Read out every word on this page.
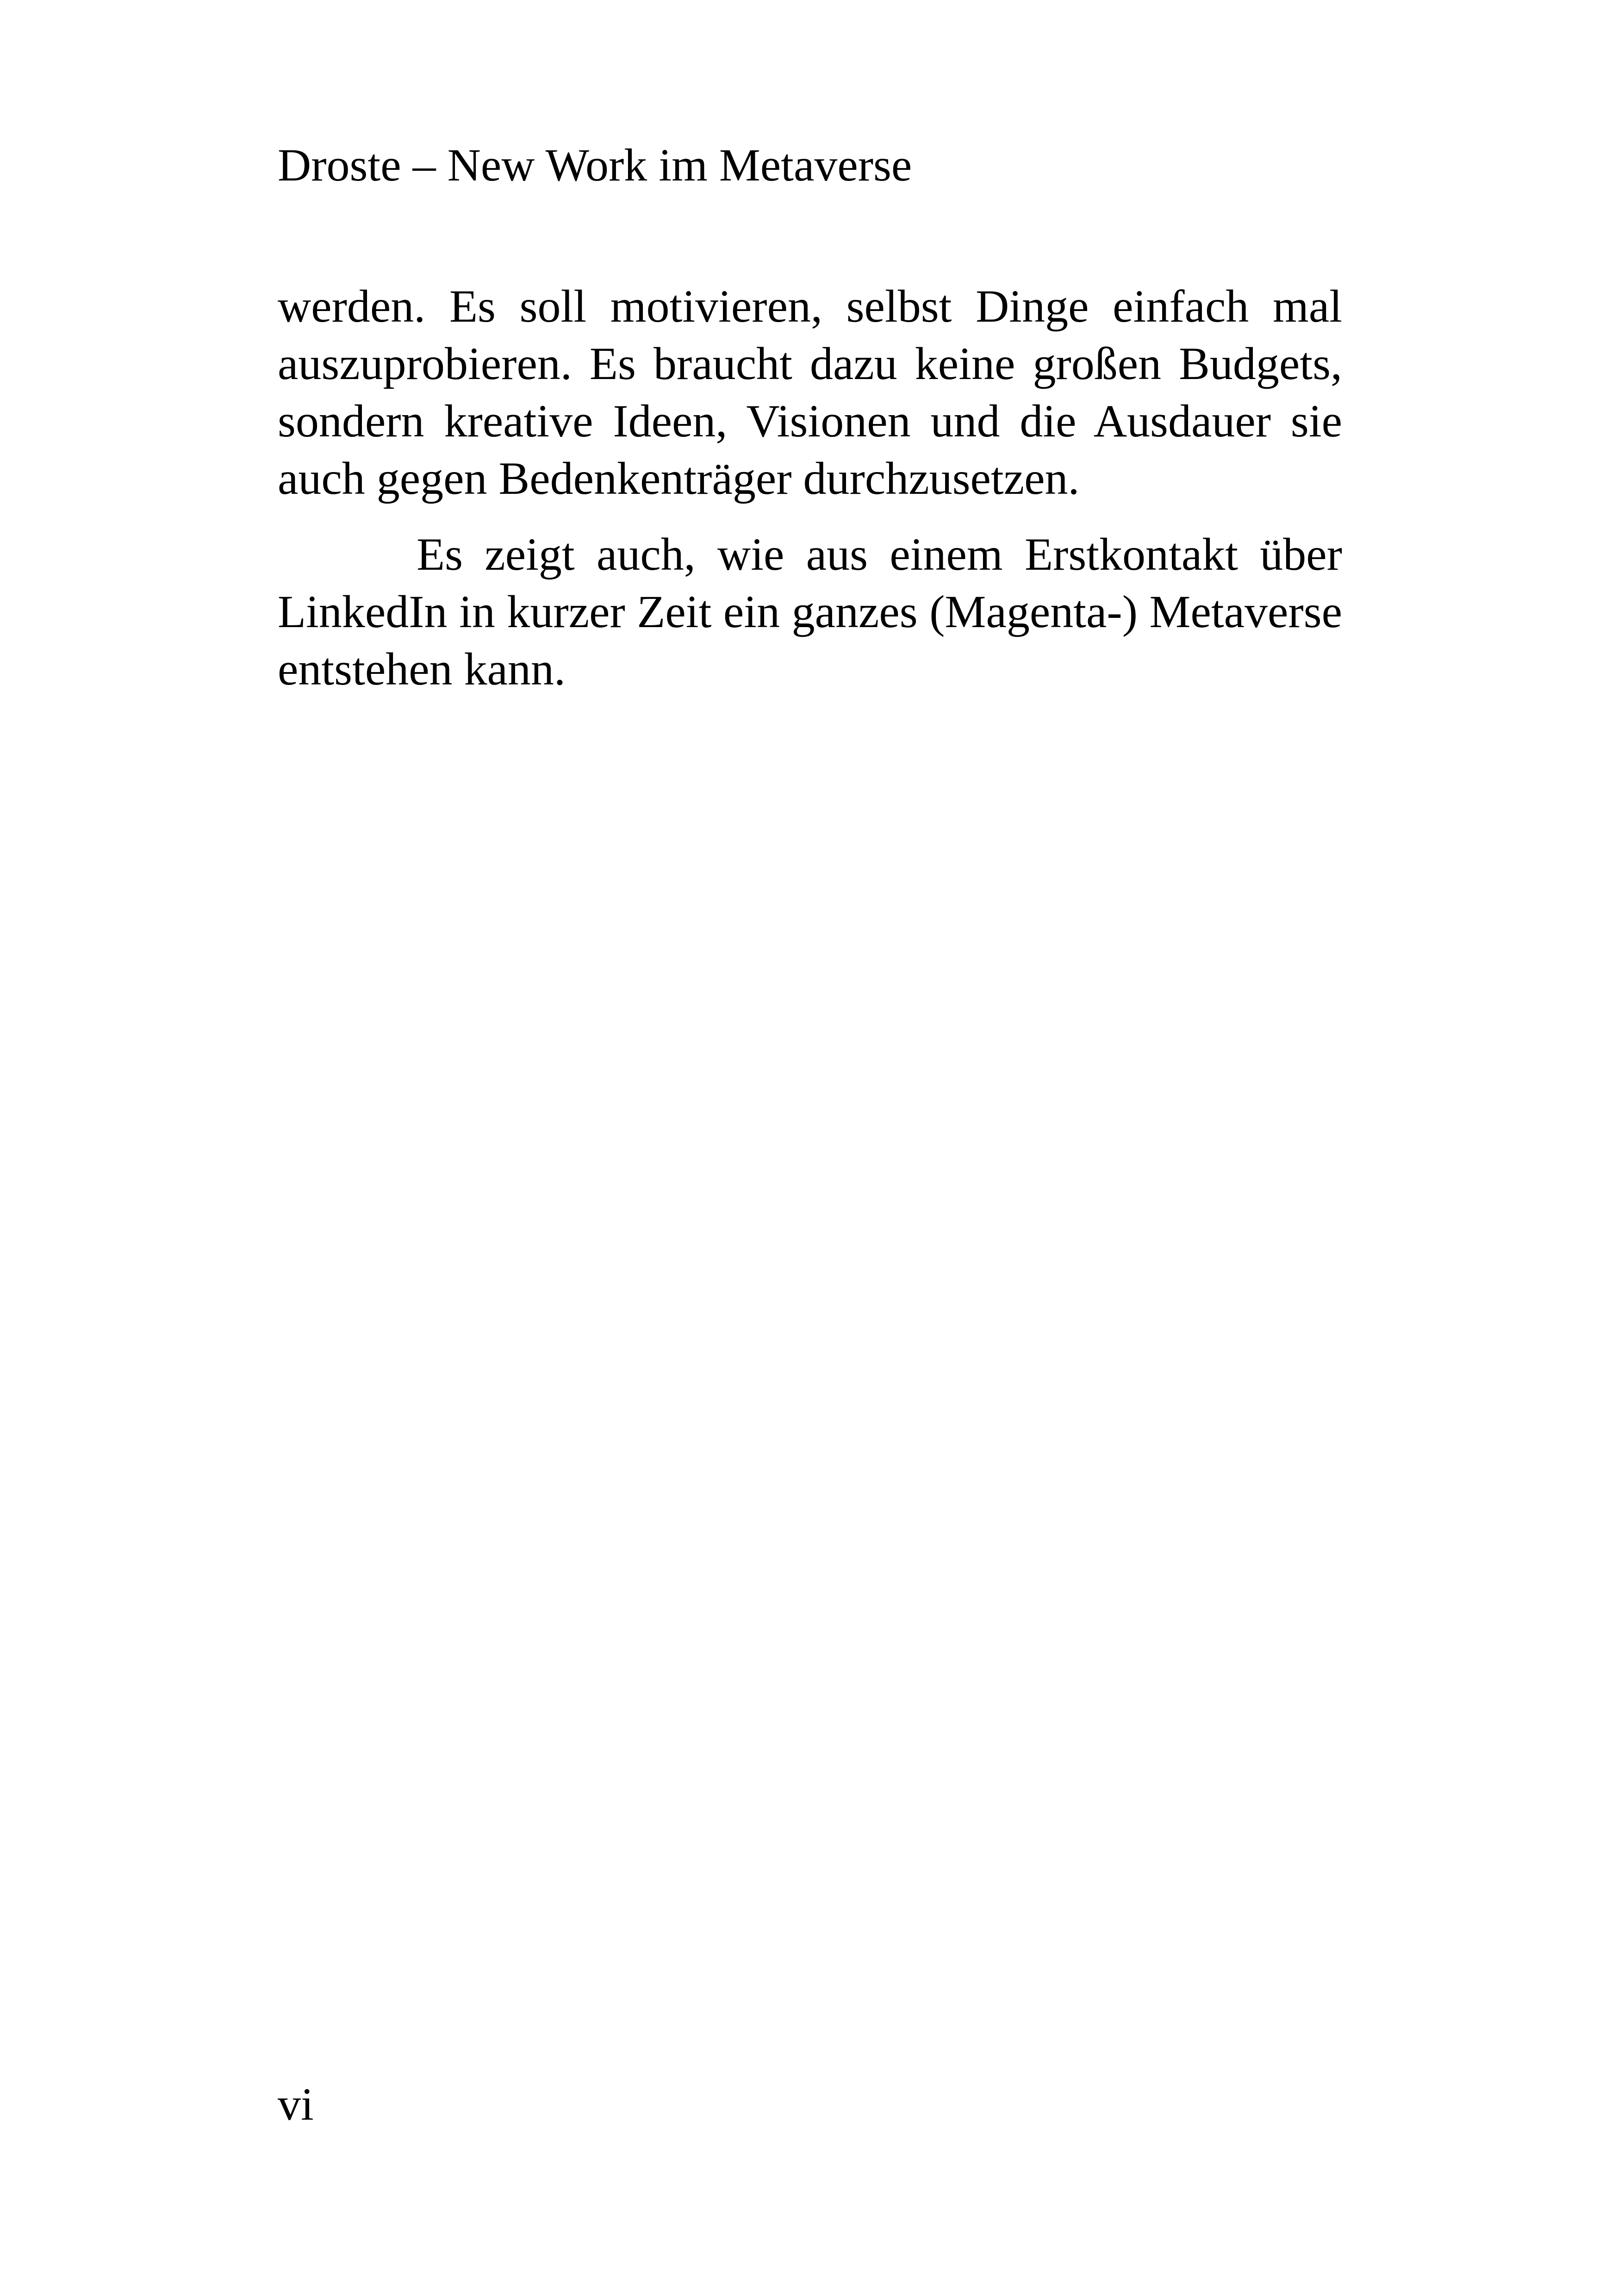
Droste – New Work im Metaverse

werden. Es soll motivieren, selbst Dinge einfach mal auszuprobieren. Es braucht dazu keine großen Budgets, sondern kreative Ideen, Visionen und die Ausdauer sie auch gegen Bedenkenträger durchzusetzen.

Es zeigt auch, wie aus einem Erstkontakt über LinkedIn in kurzer Zeit ein ganzes (Magenta-) Metaverse entstehen kann.

vi
